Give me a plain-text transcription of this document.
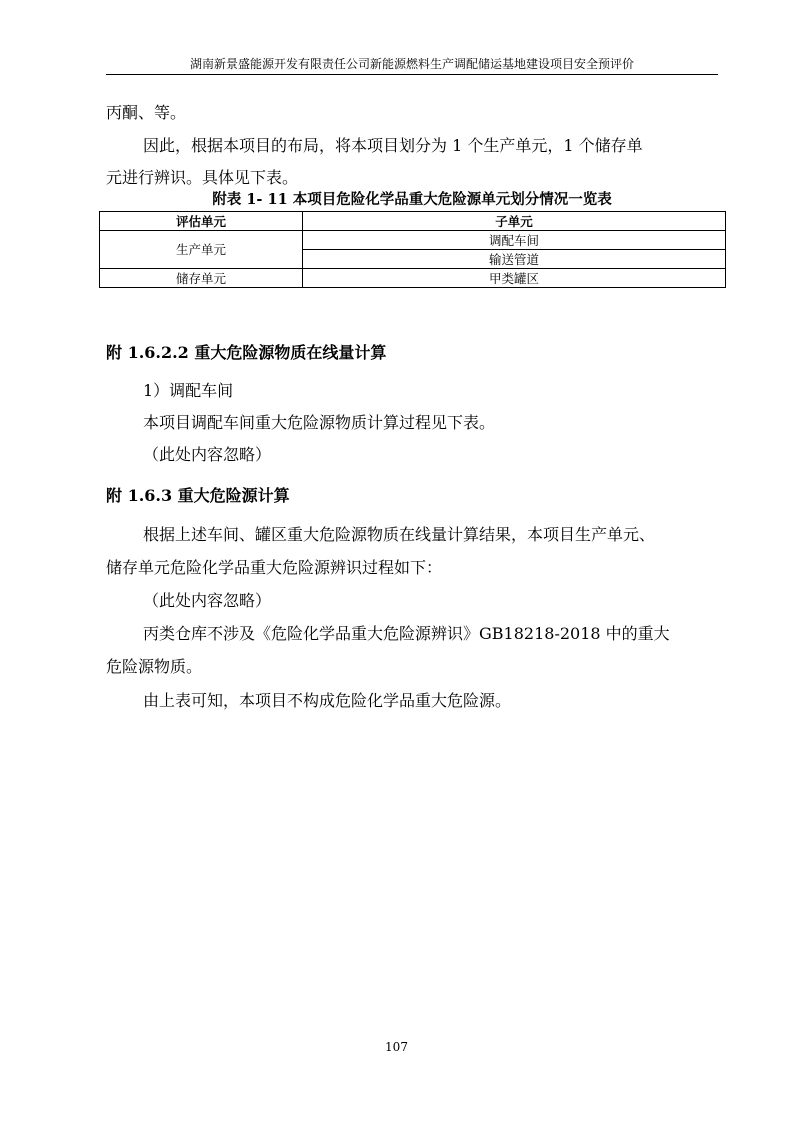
湖南新景盛能源开发有限责任公司新能源燃料生产调配储运基地建设项目安全预评价
丙酮、等。
因此，根据本项目的布局，将本项目划分为 1 个生产单元，1 个储存单
元进行辨识。具体见下表。
附表 1- 11 本项目危险化学品重大危险源单元划分情况一览表
评估单元	子单元
生产单元	调配车间
	输送管道
储存单元	甲类罐区
附 1.6.2.2 重大危险源物质在线量计算
1）调配车间
本项目调配车间重大危险源物质计算过程见下表。
（此处内容忽略）
附 1.6.3 重大危险源计算
根据上述车间、罐区重大危险源物质在线量计算结果，本项目生产单元、
储存单元危险化学品重大危险源辨识过程如下：
（此处内容忽略）
丙类仓库不涉及《危险化学品重大危险源辨识》GB18218-2018 中的重大
危险源物质。
由上表可知，本项目不构成危险化学品重大危险源。
107
